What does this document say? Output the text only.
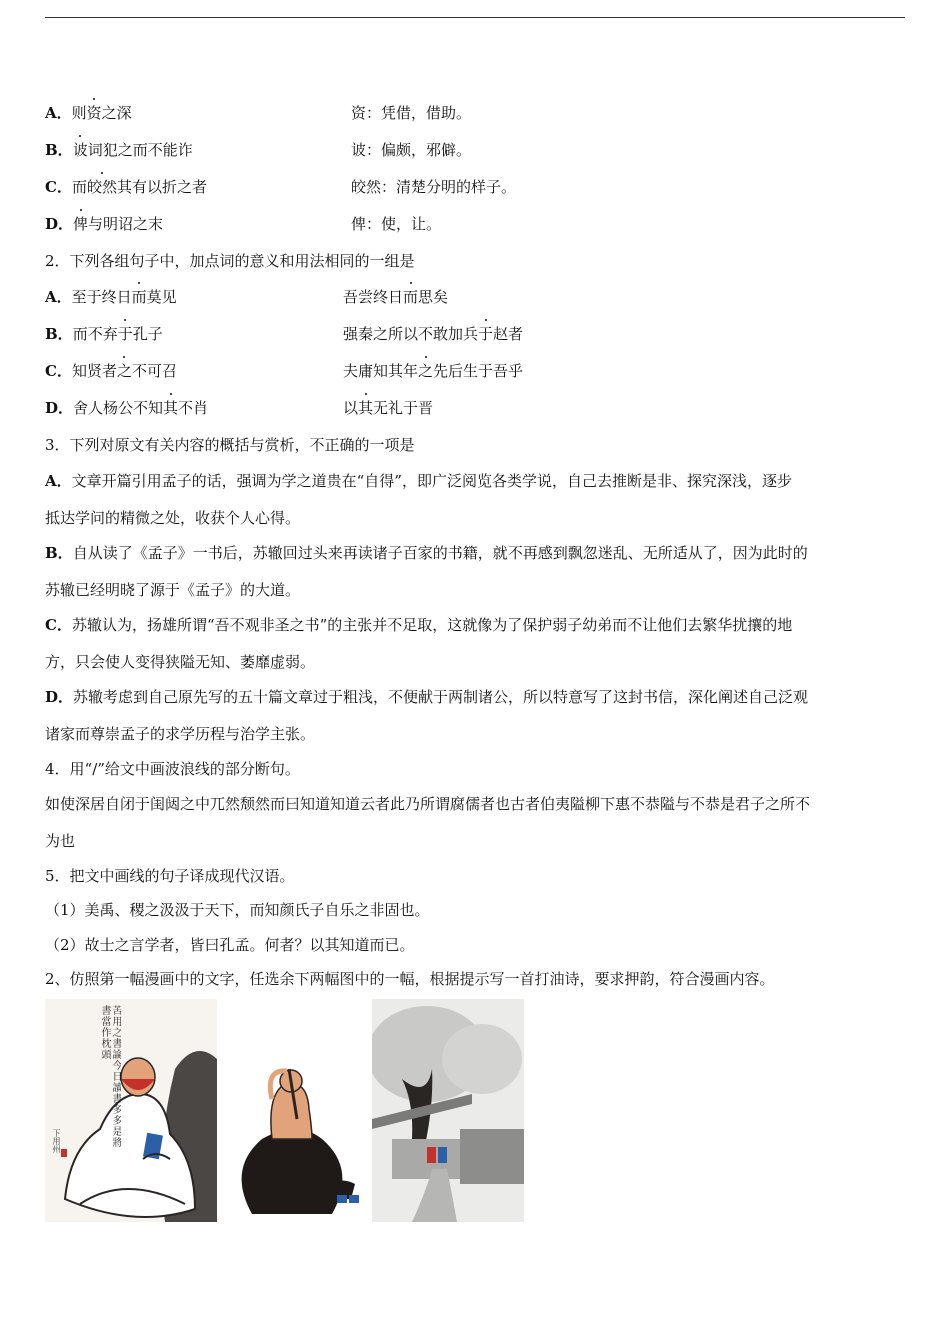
A．则资之深	资：凭借，借助。
B．诐词犯之而不能诈	诐：偏颇，邪僻。
C．而皎然其有以折之者	皎然：清楚分明的样子。
D．俾与明诏之末	俾：使，让。
2．下列各组句子中，加点词的意义和用法相同的一组是
A．至于终日而莫见	吾尝终日而思矣
B．而不弃于孔子	强秦之所以不敢加兵于赵者
C．知贤者之不可召	夫庸知其年之先后生于吾乎
D．舍人杨公不知其不肖	以其无礼于晋
3．下列对原文有关内容的概括与赏析，不正确的一项是
A．文章开篇引用孟子的话，强调为学之道贵在“自得”，即广泛阅览各类学说，自己去推断是非、探究深浅，逐步
抵达学问的精微之处，收获个人心得。
B．自从读了《孟子》一书后，苏辙回过头来再读诸子百家的书籍，就不再感到飘忽迷乱、无所适从了，因为此时的
苏辙已经明晓了源于《孟子》的大道。
C．苏辙认为，扬雄所谓“吾不观非圣之书”的主张并不足取，这就像为了保护弱子幼弟而不让他们去繁华扰攘的地
方，只会使人变得狭隘无知、萎靡虚弱。
D．苏辙考虑到自己原先写的五十篇文章过于粗浅，不便献于两制诸公，所以特意写了这封书信，深化阐述自己泛观
诸家而尊崇孟子的求学历程与治学主张。
4．用“/”给文中画波浪线的部分断句。
如使深居自闭于闺闼之中兀然颓然而曰知道知道云者此乃所谓腐儒者也古者伯夷隘柳下惠不恭隘与不恭是君子之所不
为也
5．把文中画线的句子译成现代汉语。
（1）美禹、稷之汲汲于天下，而知颜氏子自乐之非固也。
（2）故士之言学者，皆曰孔孟。何者？以其知道而已。
2、仿照第一幅漫画中的文字，任选余下两幅图中的一幅，根据提示写一首打油诗，要求押韵，符合漫画内容。
苦用之書論今日讀書多多是將書當作枕頭
下用州
